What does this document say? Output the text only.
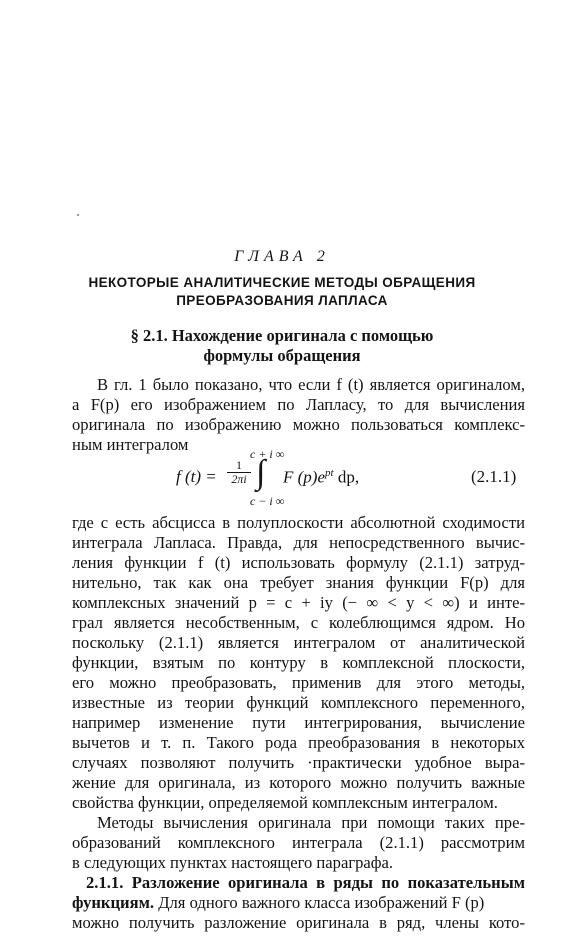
ГЛАВА 2
НЕКОТОРЫЕ АНАЛИТИЧЕСКИЕ МЕТОДЫ ОБРАЩЕНИЯ
ПРЕОБРАЗОВАНИЯ ЛАПЛАСА
§ 2.1. Нахождение оригинала с помощью
формулы обращения
В гл. 1 было показано, что если f (t) является оригиналом,
а F(p) его изображением по Лапласу, то для вычисления
оригинала по изображению можно пользоваться комплекс-
ным интегралом
f $(t) = \frac{1}{2\pi i}$
c + i ∞
∫
c − i ∞
F $(p)e^{pt}$ dp,	(2.1.1)
где c есть абсцисса в полуплоскости абсолютной сходимости
интеграла Лапласа. Правда, для непосредственного вычис-
ления функции f (t) использовать формулу (2.1.1) затруд-
нительно, так как она требует знания функции F(p) для
комплексных значений p = c + iy (− ∞ < y < ∞) и инте-
грал является несобственным, с колеблющимся ядром. Но
поскольку (2.1.1) является интегралом от аналитической
функции, взятым по контуру в комплексной плоскости,
его можно преобразовать, применив для этого методы,
известные из теории функций комплексного переменного,
например изменение пути интегрирования, вычисление
вычетов и т. п. Такого рода преобразования в некоторых
случаях позволяют получить ·практически удобное выра-
жение для оригинала, из которого можно получить важные
свойства функции, определяемой комплексным интегралом.
Методы вычисления оригинала при помощи таких пре-
образований комплексного интеграла (2.1.1) рассмотрим
в следующих пунктах настоящего параграфа.
2.1.1. Разложение оригинала в ряды по показательным
функциям. Для одного важного класса изображений F (p)
можно получить разложение оригинала в ряд, члены кото-
